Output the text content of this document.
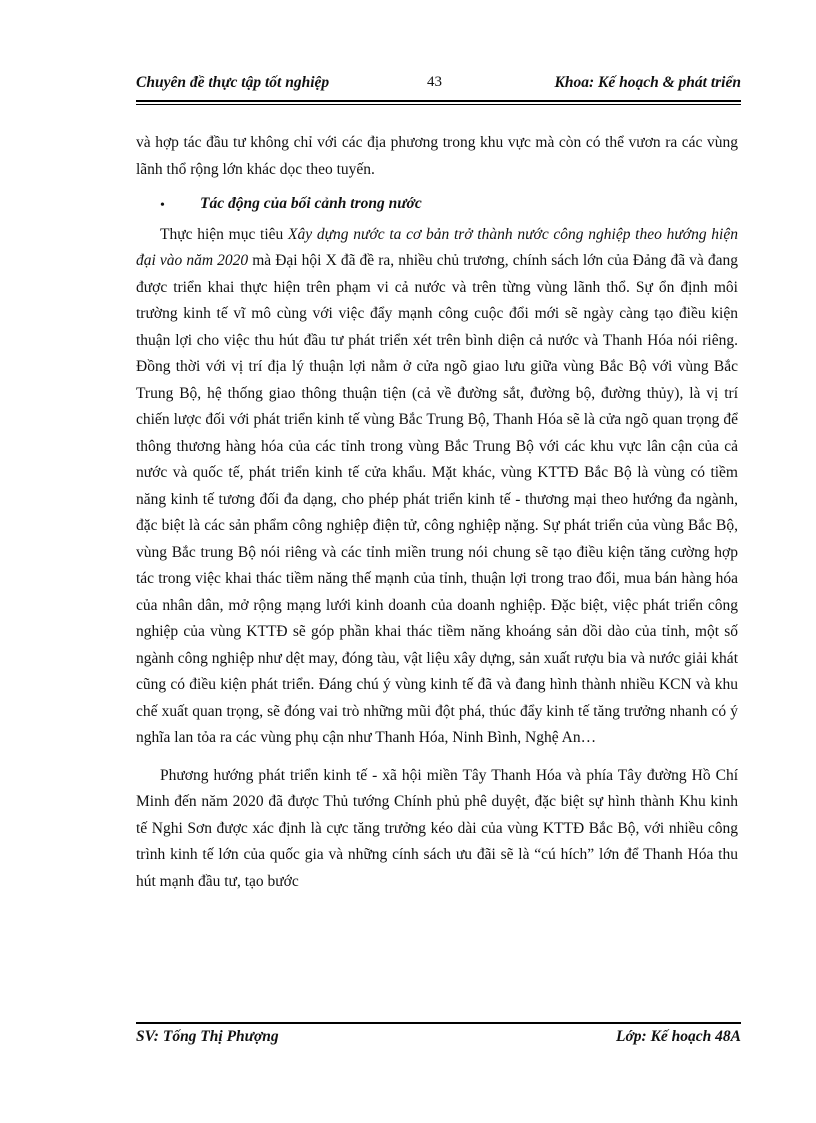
Chuyên đề thực tập tốt nghiệp	43	Khoa: Kế hoạch & phát triển

và hợp tác đầu tư không chỉ với các địa phương trong khu vực mà còn có thể vươn ra các vùng lãnh thổ rộng lớn khác dọc theo tuyến.

• Tác động của bối cảnh trong nước

Thực hiện mục tiêu Xây dựng nước ta cơ bản trở thành nước công nghiệp theo hướng hiện đại vào năm 2020 mà Đại hội X đã đề ra, nhiều chủ trương, chính sách lớn của Đảng đã và đang được triển khai thực hiện trên phạm vi cả nước và trên từng vùng lãnh thổ. Sự ổn định môi trường kinh tế vĩ mô cùng với việc đẩy mạnh công cuộc đổi mới sẽ ngày càng tạo điều kiện thuận lợi cho việc thu hút đầu tư phát triển xét trên bình diện cả nước và Thanh Hóa nói riêng. Đồng thời với vị trí địa lý thuận lợi nằm ở cửa ngõ giao lưu giữa vùng Bắc Bộ với vùng Bắc Trung Bộ, hệ thống giao thông thuận tiện (cả về đường sắt, đường bộ, đường thủy), là vị trí chiến lược đối với phát triển kinh tế vùng Bắc Trung Bộ, Thanh Hóa sẽ là cửa ngõ quan trọng để thông thương hàng hóa của các tỉnh trong vùng Bắc Trung Bộ với các khu vực lân cận của cả nước và quốc tế, phát triển kinh tế cửa khẩu. Mặt khác, vùng KTTĐ Bắc Bộ là vùng có tiềm năng kinh tế tương đối đa dạng, cho phép phát triển kinh tế - thương mại theo hướng đa ngành, đặc biệt là các sản phẩm công nghiệp điện tử, công nghiệp nặng. Sự phát triển của vùng Bắc Bộ, vùng Bắc trung Bộ nói riêng và các tỉnh miền trung nói chung sẽ tạo điều kiện tăng cường hợp tác trong việc khai thác tiềm năng thế mạnh của tỉnh, thuận lợi trong trao đổi, mua bán hàng hóa của nhân dân, mở rộng mạng lưới kinh doanh của doanh nghiệp. Đặc biệt, việc phát triển công nghiệp của vùng KTTĐ sẽ góp phần khai thác tiềm năng khoáng sản dồi dào của tỉnh, một số ngành công nghiệp như dệt may, đóng tàu, vật liệu xây dựng, sản xuất rượu bia và nước giải khát cũng có điều kiện phát triển. Đáng chú ý vùng kinh tế đã và đang hình thành nhiều KCN và khu chế xuất quan trọng, sẽ đóng vai trò những mũi đột phá, thúc đẩy kinh tế tăng trưởng nhanh có ý nghĩa lan tỏa ra các vùng phụ cận như Thanh Hóa, Ninh Bình, Nghệ An…

Phương hướng phát triển kinh tế - xã hội miền Tây Thanh Hóa và phía Tây đường Hồ Chí Minh đến năm 2020 đã được Thủ tướng Chính phủ phê duyệt, đặc biệt sự hình thành Khu kinh tế Nghi Sơn được xác định là cực tăng trưởng kéo dài của vùng KTTĐ Bắc Bộ, với nhiều công trình kinh tế lớn của quốc gia và những cính sách ưu đãi sẽ là “cú hích” lớn để Thanh Hóa thu hút mạnh đầu tư, tạo bước

SV: Tống Thị Phượng	Lớp: Kế hoạch 48A
